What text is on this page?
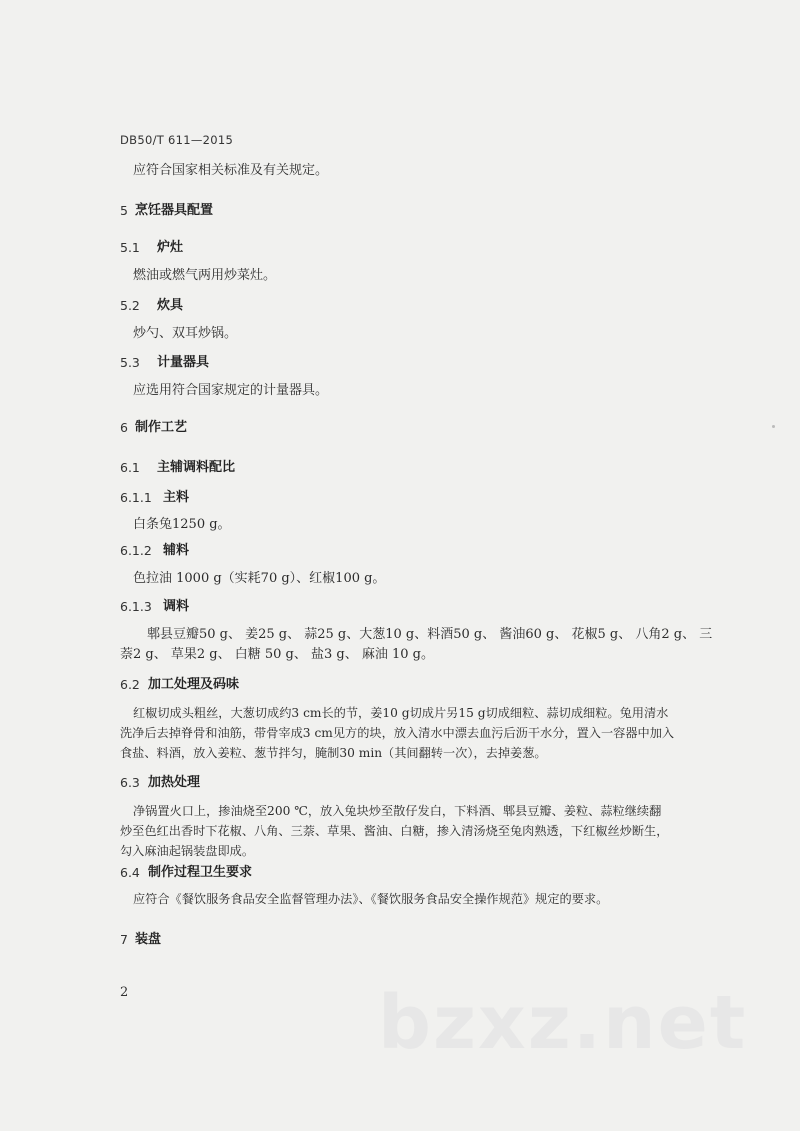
DB50/T 611—2015
应符合国家相关标准及有关规定。
5 烹饪器具配置
5.1 炉灶
燃油或燃气两用炒菜灶。
5.2 炊具
炒勺、双耳炒锅。
5.3 计量器具
应选用符合国家规定的计量器具。
6 制作工艺
6.1 主辅调料配比
6.1.1 主料
白条兔1250 g。
6.1.2 辅料
色拉油 1000 g（实耗70 g）、红椒100 g。
6.1.3 调料
郫县豆瓣50 g、 姜25 g、 蒜25 g、大葱10 g、料酒50 g、 酱油60 g、 花椒5 g、 八角2 g、 三
萘2 g、 草果2 g、 白糖 50 g、 盐3 g、 麻油 10 g。
6.2 加工处理及码味
红椒切成头粗丝，大葱切成约3 cm长的节，姜10 g切成片另15 g切成细粒、蒜切成细粒。兔用清水
洗净后去掉脊骨和油筋，带骨宰成3 cm见方的块，放入清水中漂去血污后沥干水分，置入一容器中加入
食盐、料酒，放入姜粒、葱节拌匀，腌制30 min（其间翻转一次），去掉姜葱。
6.3 加热处理
净锅置火口上，掺油烧至200 ℃，放入兔块炒至散仔发白，下料酒、郫县豆瓣、姜粒、蒜粒继续翻
炒至色红出香时下花椒、八角、三萘、草果、酱油、白糖，掺入清汤烧至兔肉熟透，下红椒丝炒断生，
勾入麻油起锅装盘即成。
6.4 制作过程卫生要求
应符合《餐饮服务食品安全监督管理办法》、《餐饮服务食品安全操作规范》规定的要求。
7 装盘
2	bzxz.net
